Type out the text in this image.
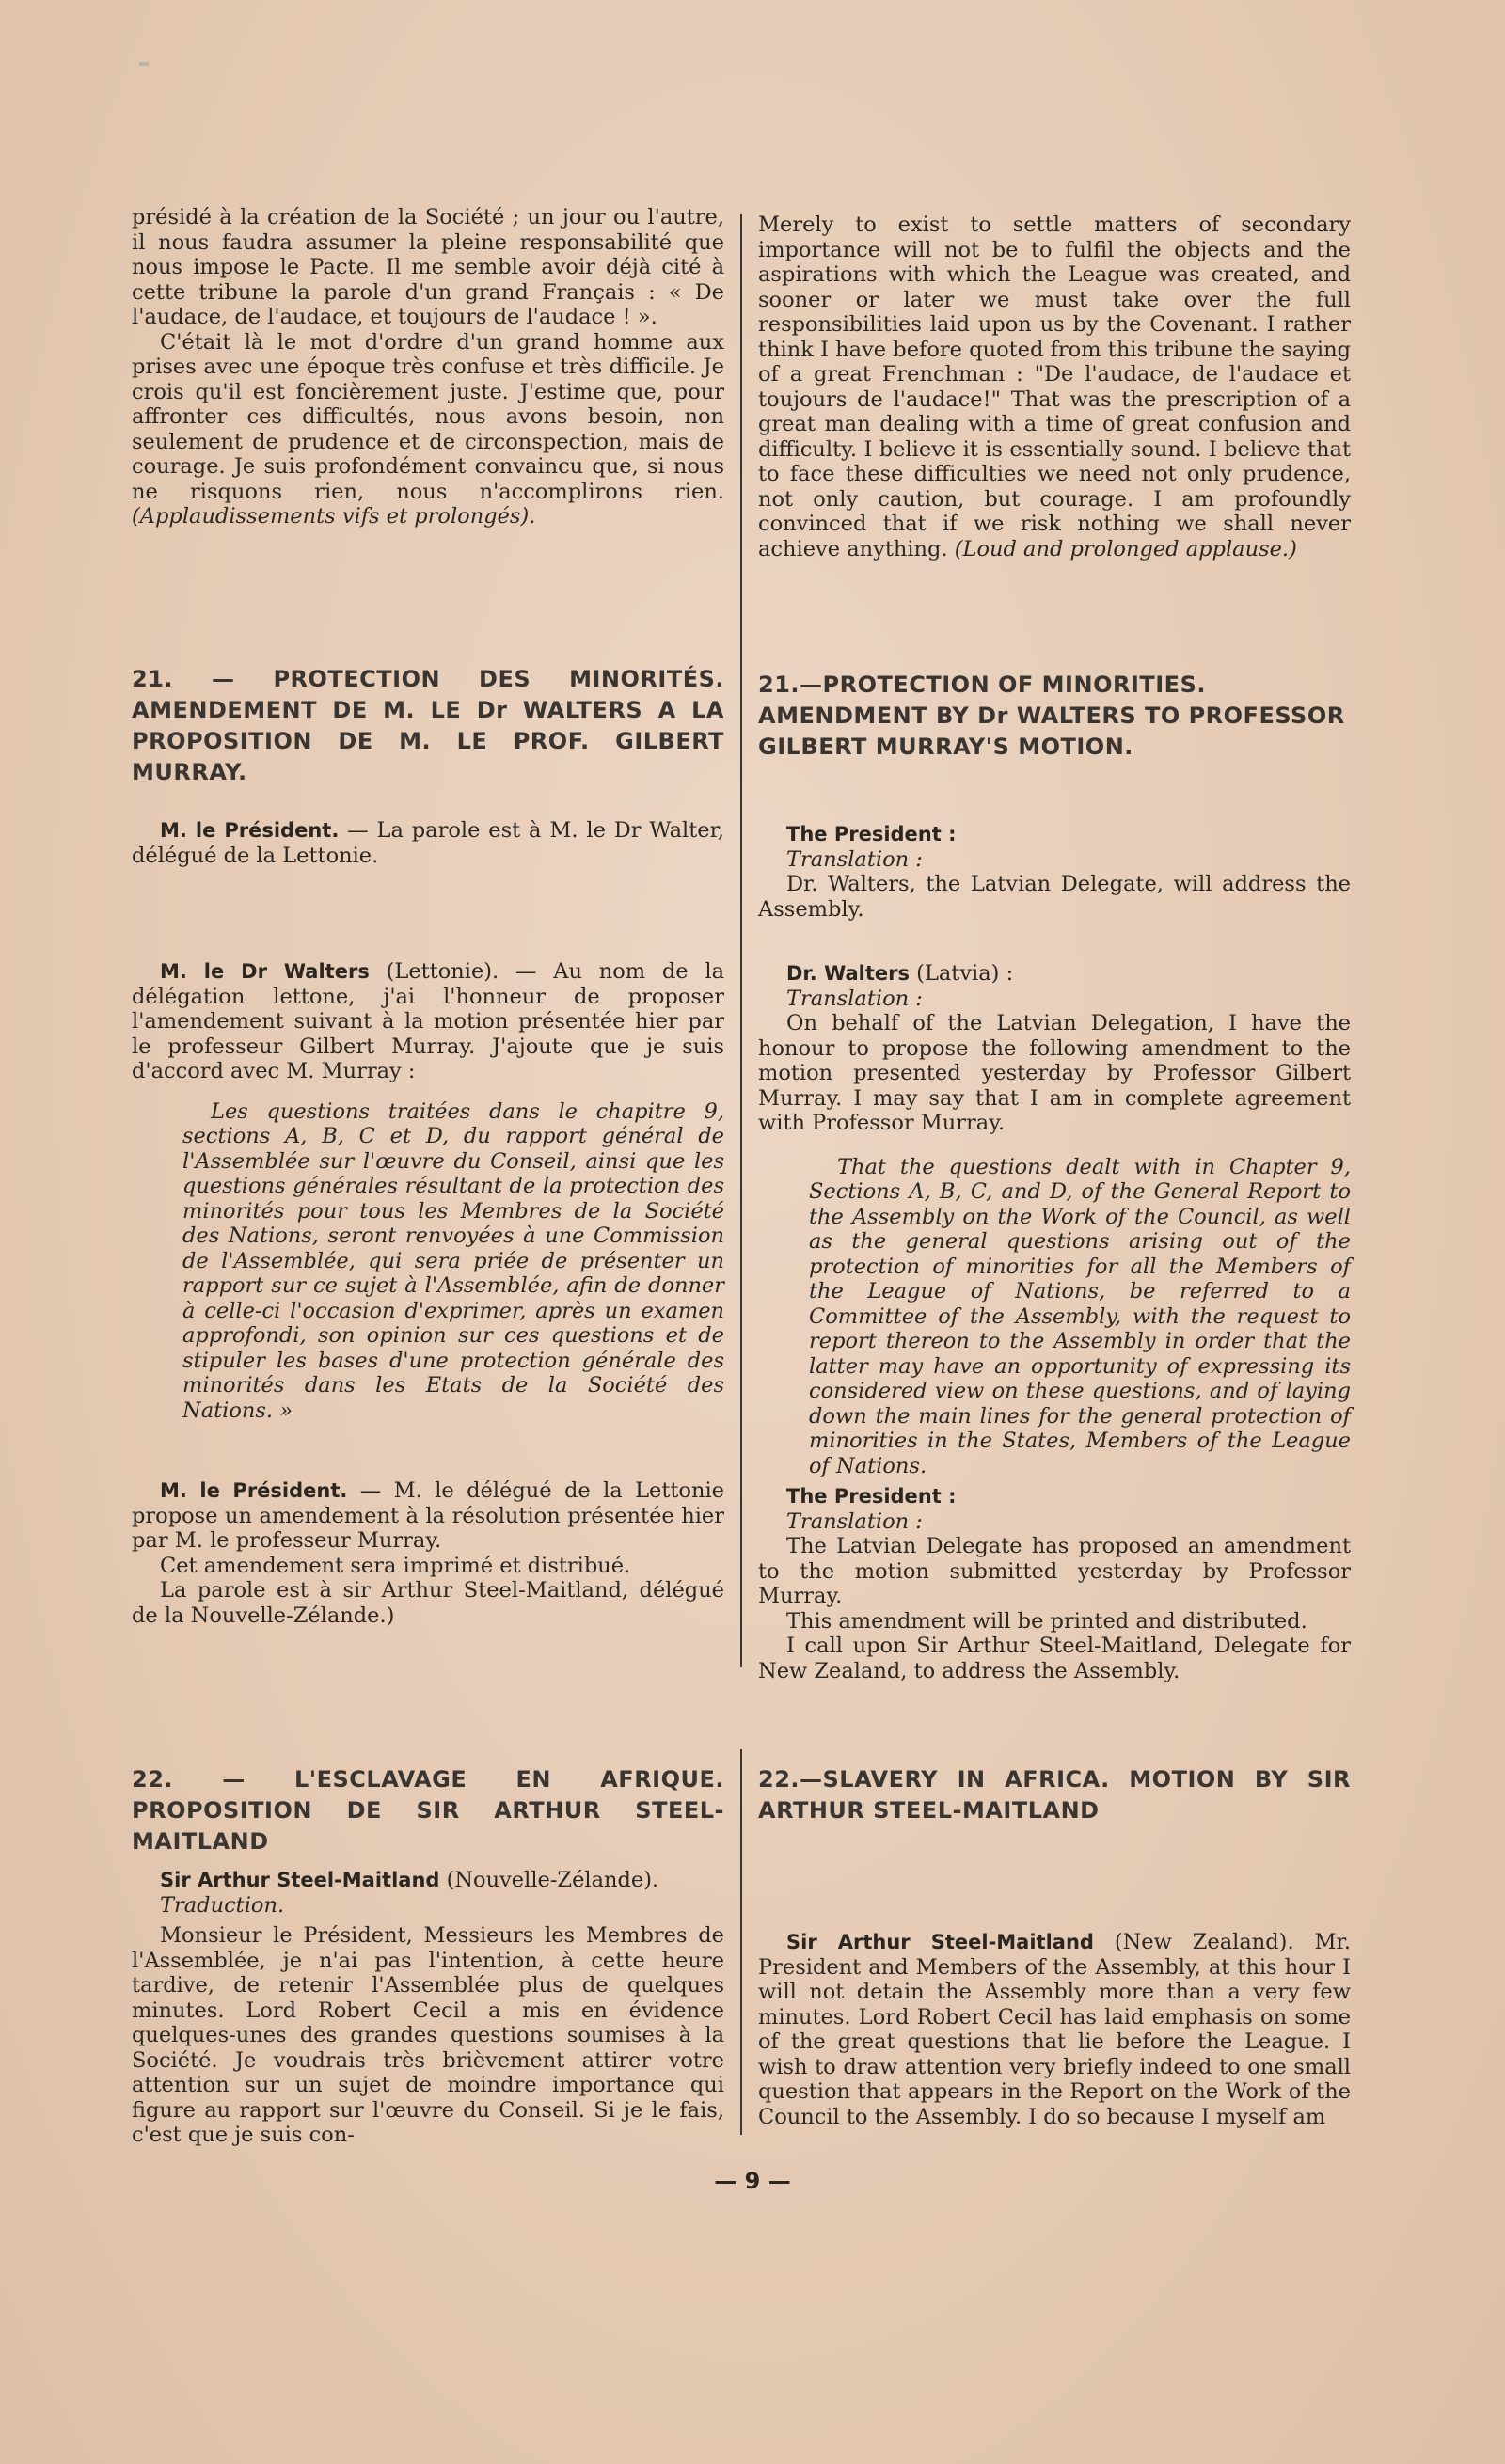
présidé à la création de la Société ; un jour ou l'autre, il nous faudra assumer la pleine responsabilité que nous impose le Pacte. Il me semble avoir déjà cité à cette tribune la parole d'un grand Français : « De l'audace, de l'audace, et toujours de l'audace ! ».

C'était là le mot d'ordre d'un grand homme aux prises avec une époque très confuse et très difficile. Je crois qu'il est foncièrement juste. J'estime que, pour affronter ces difficultés, nous avons besoin, non seulement de prudence et de circonspection, mais de courage. Je suis profondément convaincu que, si nous ne risquons rien, nous n'accomplirons rien. (Applaudissements vifs et prolongés).

21. — PROTECTION DES MINORITÉS. AMENDEMENT DE M. LE Dr WALTERS A LA PROPOSITION DE M. LE PROF. GILBERT MURRAY.

M. le Président. — La parole est à M. le Dr Walter, délégué de la Lettonie.

M. le Dr Walters (Lettonie). — Au nom de la délégation lettone, j'ai l'honneur de proposer l'amendement suivant à la motion présentée hier par le professeur Gilbert Murray. J'ajoute que je suis d'accord avec M. Murray :

Les questions traitées dans le chapitre 9, sections A, B, C et D, du rapport général de l'Assemblée sur l'œuvre du Conseil, ainsi que les questions générales résultant de la protection des minorités pour tous les Membres de la Société des Nations, seront renvoyées à une Commission de l'Assemblée, qui sera priée de présenter un rapport sur ce sujet à l'Assemblée, afin de donner à celle-ci l'occasion d'exprimer, après un examen approfondi, son opinion sur ces questions et de stipuler les bases d'une protection générale des minorités dans les Etats de la Société des Nations. »

M. le Président. — M. le délégué de la Lettonie propose un amendement à la résolution présentée hier par M. le professeur Murray.

Cet amendement sera imprimé et distribué.

La parole est à sir Arthur Steel-Maitland, délégué de la Nouvelle-Zélande.)

22. — L'ESCLAVAGE EN AFRIQUE. PROPOSITION DE SIR ARTHUR STEEL-MAITLAND

Sir Arthur Steel-Maitland (Nouvelle-Zélande).

Traduction.

Monsieur le Président, Messieurs les Membres de l'Assemblée, je n'ai pas l'intention, à cette heure tardive, de retenir l'Assemblée plus de quelques minutes. Lord Robert Cecil a mis en évidence quelques-unes des grandes questions soumises à la Société. Je voudrais très brièvement attirer votre attention sur un sujet de moindre importance qui figure au rapport sur l'œuvre du Conseil. Si je le fais, c'est que je suis con-

Merely to exist to settle matters of secondary importance will not be to fulfil the objects and the aspirations with which the League was created, and sooner or later we must take over the full responsibilities laid upon us by the Covenant. I rather think I have before quoted from this tribune the saying of a great Frenchman : "De l'audace, de l'audace et toujours de l'audace!" That was the prescription of a great man dealing with a time of great confusion and difficulty. I believe it is essentially sound. I believe that to face these difficulties we need not only prudence, not only caution, but courage. I am profoundly convinced that if we risk nothing we shall never achieve anything. (Loud and prolonged applause.)

21.—PROTECTION OF MINORITIES. AMENDMENT BY Dr WALTERS TO PROFESSOR GILBERT MURRAY'S MOTION.

The President :

Translation :

Dr. Walters, the Latvian Delegate, will address the Assembly.

Dr. Walters (Latvia) :

Translation :

On behalf of the Latvian Delegation, I have the honour to propose the following amendment to the motion presented yesterday by Professor Gilbert Murray. I may say that I am in complete agreement with Professor Murray.

That the questions dealt with in Chapter 9, Sections A, B, C, and D, of the General Report to the Assembly on the Work of the Council, as well as the general questions arising out of the protection of minorities for all the Members of the League of Nations, be referred to a Committee of the Assembly, with the request to report thereon to the Assembly in order that the latter may have an opportunity of expressing its considered view on these questions, and of laying down the main lines for the general protection of minorities in the States, Members of the League of Nations.

The President :

Translation :

The Latvian Delegate has proposed an amendment to the motion submitted yesterday by Professor Murray.

This amendment will be printed and distributed.

I call upon Sir Arthur Steel-Maitland, Delegate for New Zealand, to address the Assembly.

22.—SLAVERY IN AFRICA. MOTION BY SIR ARTHUR STEEL-MAITLAND

Sir Arthur Steel-Maitland (New Zealand). Mr. President and Members of the Assembly, at this hour I will not detain the Assembly more than a very few minutes. Lord Robert Cecil has laid emphasis on some of the great questions that lie before the League. I wish to draw attention very briefly indeed to one small question that appears in the Report on the Work of the Council to the Assembly. I do so because I myself am

— 9 —
